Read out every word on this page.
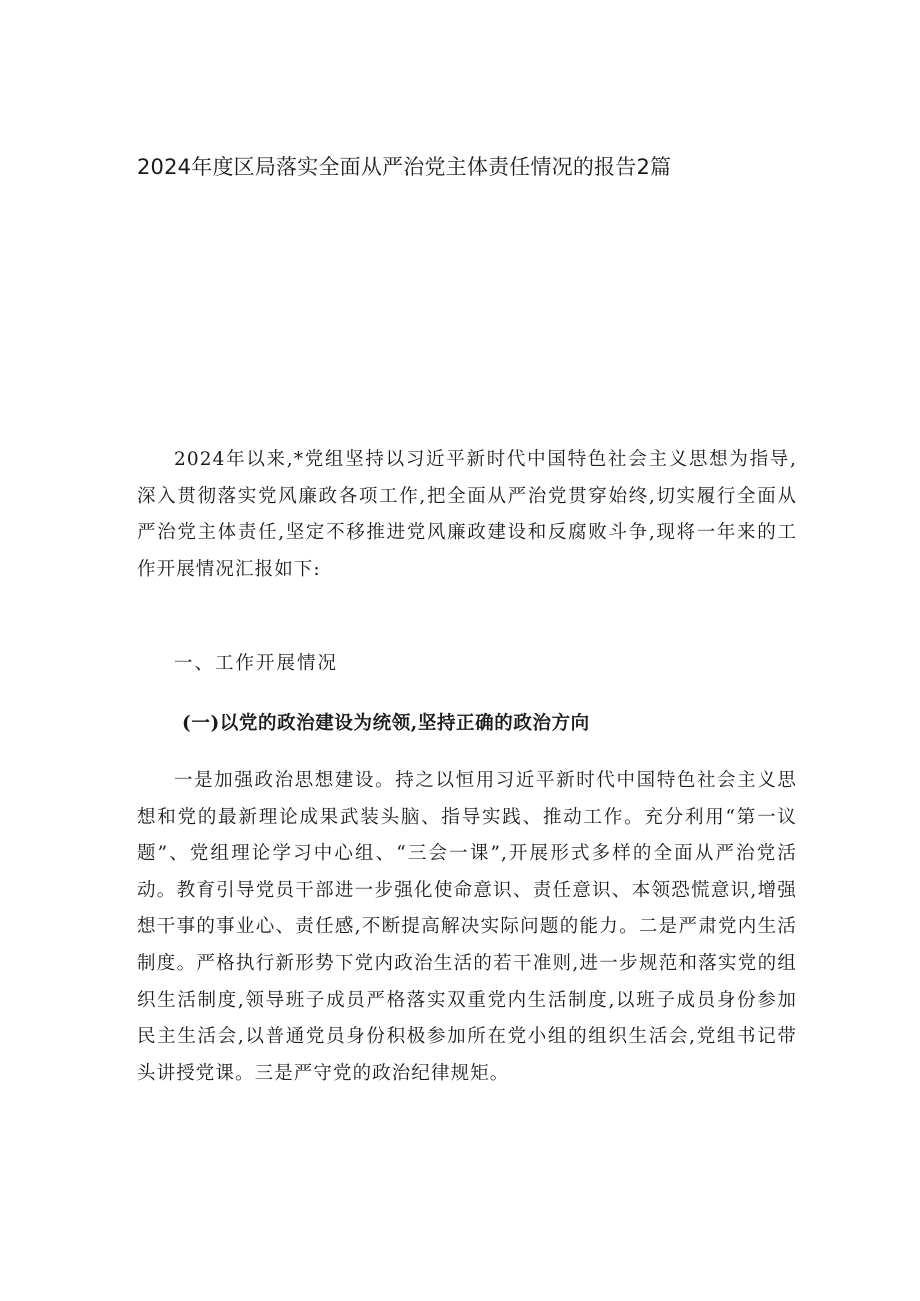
2024年度区局落实全面从严治党主体责任情况的报告2篇

2024年以来,*党组坚持以习近平新时代中国特色社会主义思想为指导,深入贯彻落实党风廉政各项工作,把全面从严治党贯穿始终,切实履行全面从严治党主体责任,坚定不移推进党风廉政建设和反腐败斗争,现将一年来的工作开展情况汇报如下:

一、工作开展情况
(一)以党的政治建设为统领,坚持正确的政治方向

一是加强政治思想建设。持之以恒用习近平新时代中国特色社会主义思想和党的最新理论成果武装头脑、指导实践、推动工作。充分利用“第一议题”、党组理论学习中心组、“三会一课”,开展形式多样的全面从严治党活动。教育引导党员干部进一步强化使命意识、责任意识、本领恐慌意识,增强想干事的事业心、责任感,不断提高解决实际问题的能力。二是严肃党内生活制度。严格执行新形势下党内政治生活的若干准则,进一步规范和落实党的组织生活制度,领导班子成员严格落实双重党内生活制度,以班子成员身份参加民主生活会,以普通党员身份积极参加所在党小组的组织生活会,党组书记带头讲授党课。三是严守党的政治纪律规矩。
